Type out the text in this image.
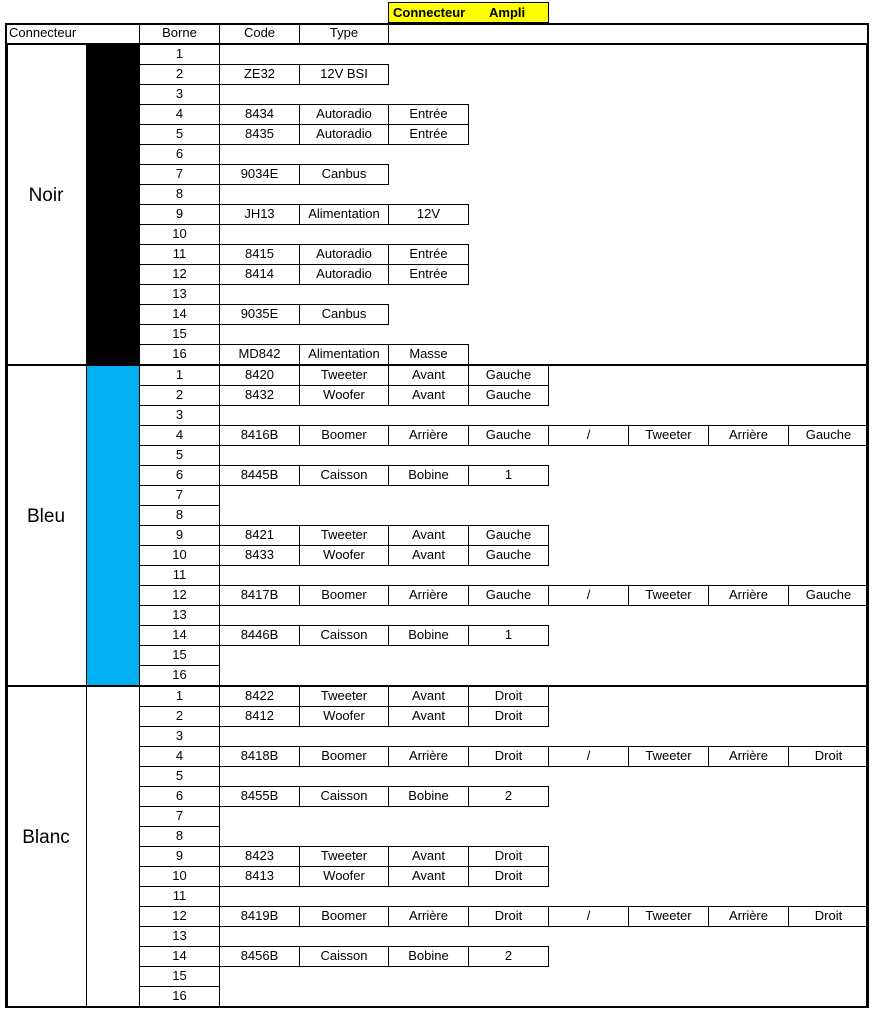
Connecteur Ampli
Connecteur	Borne	Code	Type
Noir
1
2	ZE32	12V BSI
3
4	8434	Autoradio	Entrée
5	8435	Autoradio	Entrée
6
7	9034E	Canbus
8
9	JH13	Alimentation	12V
10
11	8415	Autoradio	Entrée
12	8414	Autoradio	Entrée
13
14	9035E	Canbus
15
16	MD842	Alimentation	Masse
Bleu
1	8420	Tweeter	Avant	Gauche
2	8432	Woofer	Avant	Gauche
3
4	8416B	Boomer	Arrière	Gauche	/	Tweeter	Arrière	Gauche
5
6	8445B	Caisson	Bobine	1
7
8
9	8421	Tweeter	Avant	Gauche
10	8433	Woofer	Avant	Gauche
11
12	8417B	Boomer	Arrière	Gauche	/	Tweeter	Arrière	Gauche
13
14	8446B	Caisson	Bobine	1
15
16
Blanc
1	8422	Tweeter	Avant	Droit
2	8412	Woofer	Avant	Droit
3
4	8418B	Boomer	Arrière	Droit	/	Tweeter	Arrière	Droit
5
6	8455B	Caisson	Bobine	2
7
8
9	8423	Tweeter	Avant	Droit
10	8413	Woofer	Avant	Droit
11
12	8419B	Boomer	Arrière	Droit	/	Tweeter	Arrière	Droit
13
14	8456B	Caisson	Bobine	2
15
16
